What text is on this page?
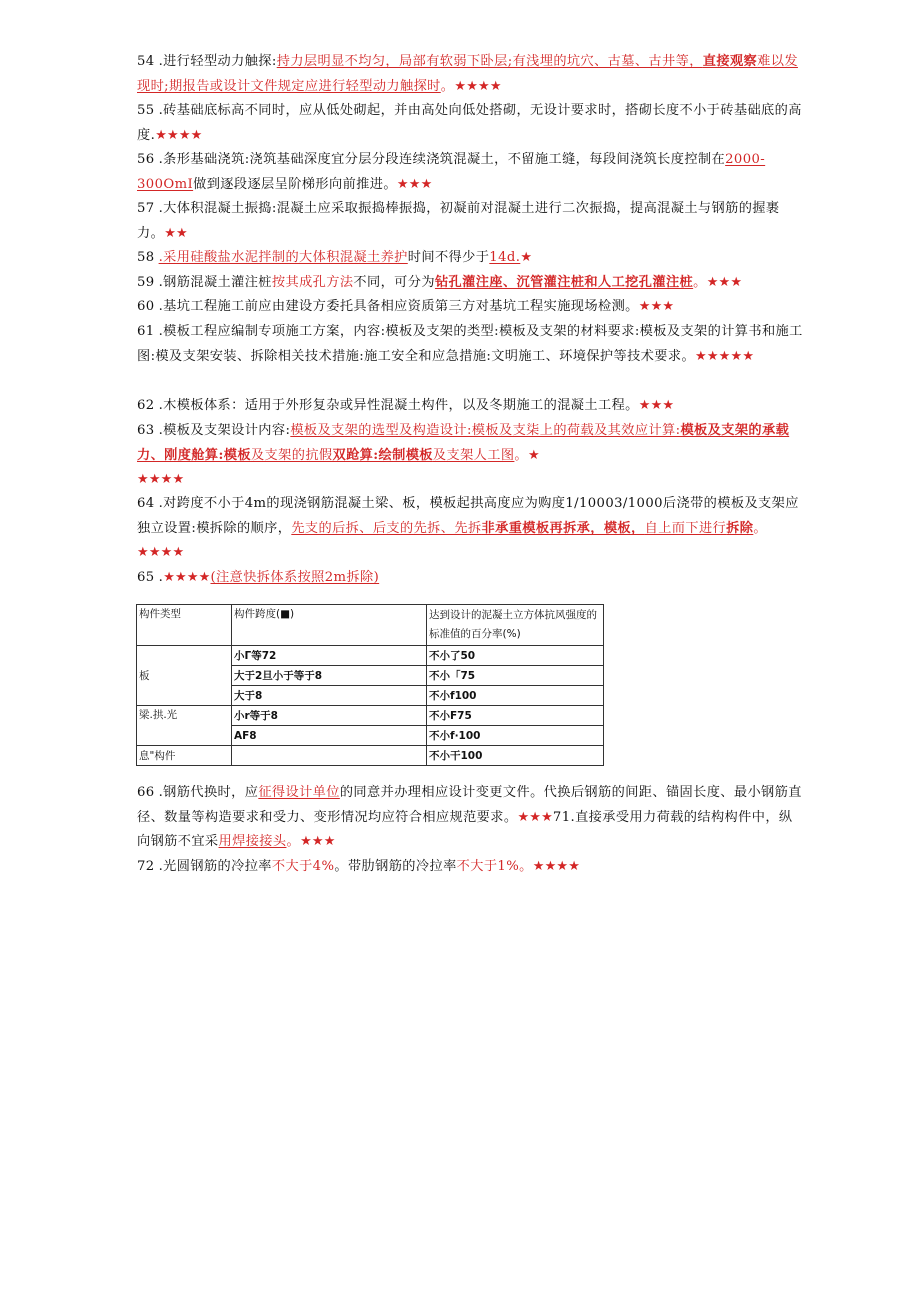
54 .进行轻型动力触探:持力层明显不均匀，局部有软弱下卧层;有浅埋的坑穴、古墓、古井等，直接观察难以发现时;期报告或设计文件规定应进行轻型动力触探时。★★★★

55 .砖基础底标高不同时，应从低处砌起，并由高处向低处搭砌，无设计要求时，搭砌长度不小于砖基础底的高度.★★★★

56 .条形基础浇筑:浇筑基础深度宜分层分段连续浇筑混凝土，不留施工缝，每段间浇筑长度控制在2000-300OmI做到逐段逐层呈阶梯形向前推进。★★★

57 .大体积混凝土振捣:混凝土应采取振捣棒振捣，初凝前对混凝土进行二次振捣，提高混凝土与钢筋的握裹力。★★

58 .采用硅酸盐水泥拌制的大体积混凝土养护时间不得少于14d.★

59 .钢筋混凝土灌注桩按其成孔方法不同，可分为钻孔灌注座、沉管灌注桩和人工挖孔灌注桩。★★★

60 .基坑工程施工前应由建设方委托具备相应资质第三方对基坑工程实施现场检测。★★★

61 .模板工程应编制专项施工方案，内容:模板及支架的类型:模板及支架的材料要求:模板及支架的计算书和施工图:模及支架安装、拆除相关技术措施:施工安全和应急措施:文明施工、环境保护等技术要求。★★★★★

62 .木模板体系：适用于外形复杂或异性混凝土构件，以及冬期施工的混凝土工程。★★★

63 .模板及支架设计内容:模板及支架的选型及构造设计:模板及支柒上的荷载及其效应计算:模板及支架的承载力、刚度舱算:模板及支架的抗假双跄算:绘制模板及支架人工图。★
★★★★

64 .对跨度不小于4m的现浇钢筋混凝土梁、板，模板起拱高度应为购度1/10003/1000后浇带的模板及支架应独立设置:模拆除的顺序，先支的后拆、后支的先拆、先拆非承重模板再拆承，模板，自上而下进行拆除。★★★★

65 .★★★★(注意快拆体系按照2m拆除)

66 .钢筋代换时，应征得设计单位的同意并办理相应设计变更文件。代换后钢筋的间距、锚固长度、最小钢筋直径、数量等构造要求和受力、变形情况均应符合相应规范要求。★★★71.直接承受用力荷载的结构构件中，纵向钢筋不宜采用焊接接头。★★★

72 .光圆钢筋的冷拉率不大于4%。带肋钢筋的冷拉率不大于1%。★★★★

构件类型	构件跨度(■)	达到设计的泥凝土立方体抗风强度的标准值的百分率(%)
板	小Γ等72	不小了50
	大于2旦小于等于8	不小「75
	大于8	不小f100
梁.拱.光	小r等于8	不小F75
	AF8	不小f·100
息"构件		不小干100
